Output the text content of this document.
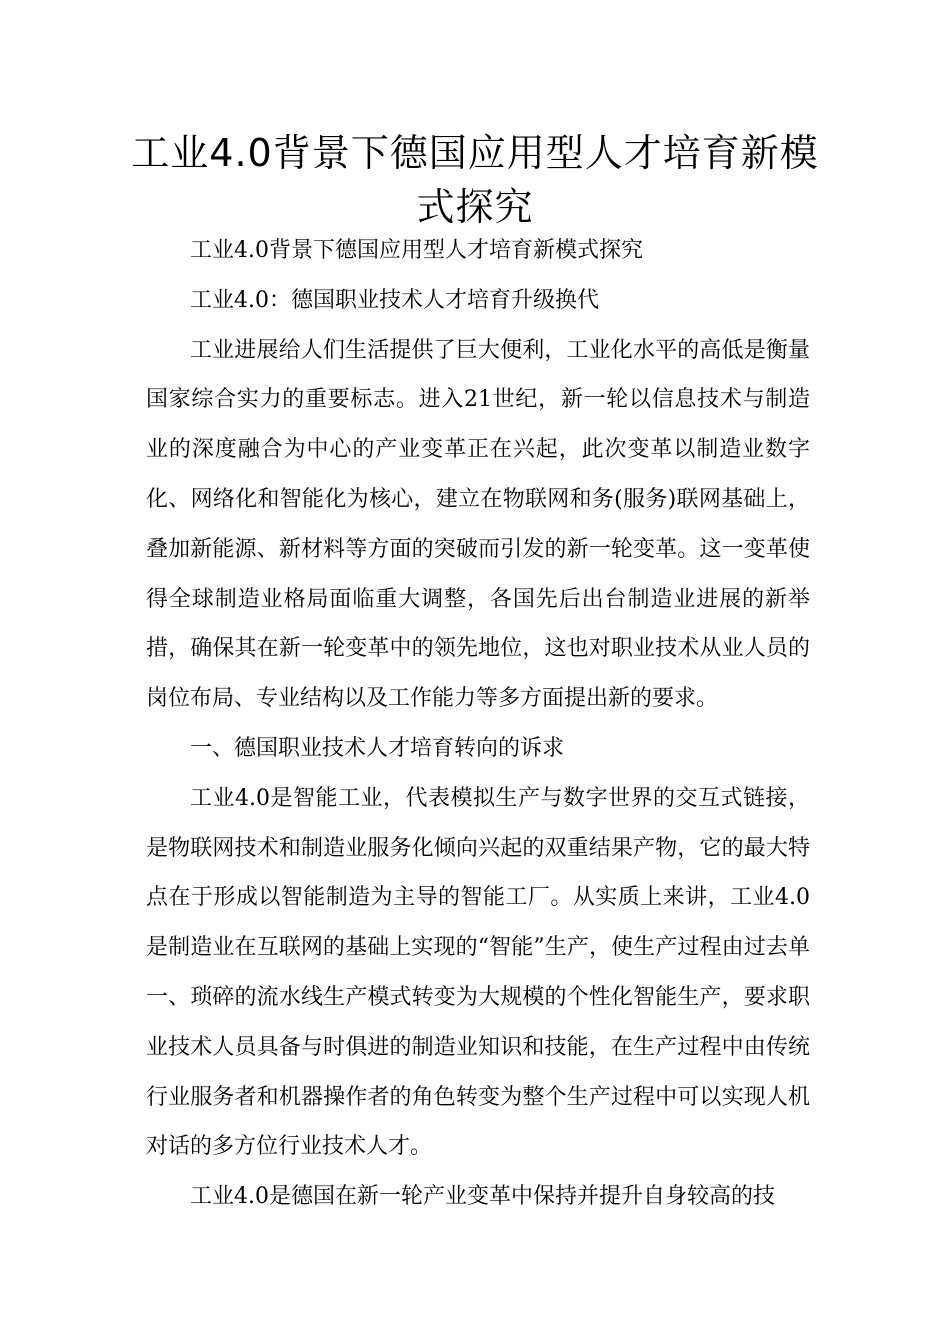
工业4.0背景下德国应用型人才培育新模式探究

工业4.0背景下德国应用型人才培育新模式探究

工业4.0：德国职业技术人才培育升级换代

工业进展给人们生活提供了巨大便利，工业化水平的高低是衡量国家综合实力的重要标志。进入21世纪，新一轮以信息技术与制造业的深度融合为中心的产业变革正在兴起，此次变革以制造业数字化、网络化和智能化为核心，建立在物联网和务(服务)联网基础上，叠加新能源、新材料等方面的突破而引发的新一轮变革。这一变革使得全球制造业格局面临重大调整，各国先后出台制造业进展的新举措，确保其在新一轮变革中的领先地位，这也对职业技术从业人员的岗位布局、专业结构以及工作能力等多方面提出新的要求。

一、德国职业技术人才培育转向的诉求

工业4.0是智能工业，代表模拟生产与数字世界的交互式链接，是物联网技术和制造业服务化倾向兴起的双重结果产物，它的最大特点在于形成以智能制造为主导的智能工厂。从实质上来讲，工业4.0是制造业在互联网的基础上实现的“智能”生产，使生产过程由过去单一、琐碎的流水线生产模式转变为大规模的个性化智能生产，要求职业技术人员具备与时俱进的制造业知识和技能，在生产过程中由传统行业服务者和机器操作者的角色转变为整个生产过程中可以实现人机对话的多方位行业技术人才。

工业4.0是德国在新一轮产业变革中保持并提升自身较高的技
